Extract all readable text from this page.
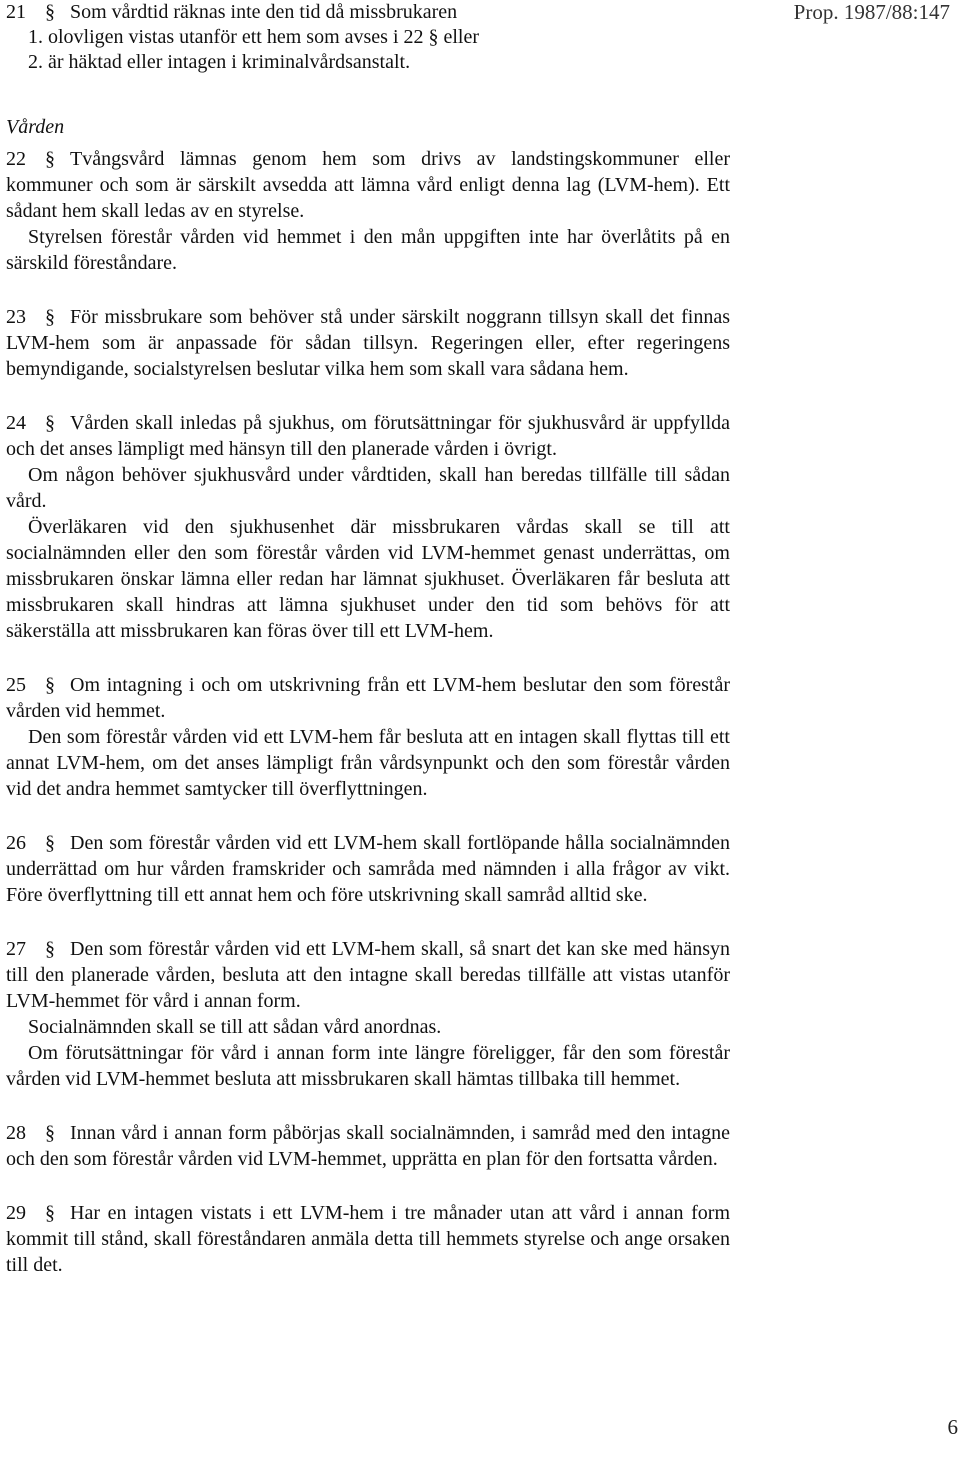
Prop. 1987/88:147

21 § Som vårdtid räknas inte den tid då missbrukaren

1. olovligen vistas utanför ett hem som avses i 22 § eller

2. är häktad eller intagen i kriminalvårdsanstalt.

Vården

22 § Tvångsvård lämnas genom hem som drivs av landstingskommuner eller kommuner och som är särskilt avsedda att lämna vård enligt denna lag (LVM-hem). Ett sådant hem skall ledas av en styrelse.

Styrelsen förestår vården vid hemmet i den mån uppgiften inte har överlåtits på en särskild föreståndare.

23 § För missbrukare som behöver stå under särskilt noggrann tillsyn skall det finnas LVM-hem som är anpassade för sådan tillsyn. Regeringen eller, efter regeringens bemyndigande, socialstyrelsen beslutar vilka hem som skall vara sådana hem.

24 § Vården skall inledas på sjukhus, om förutsättningar för sjukhusvård är uppfyllda och det anses lämpligt med hänsyn till den planerade vården i övrigt.

Om någon behöver sjukhusvård under vårdtiden, skall han beredas tillfälle till sådan vård.

Överläkaren vid den sjukhusenhet där missbrukaren vårdas skall se till att socialnämnden eller den som förestår vården vid LVM-hemmet genast underrättas, om missbrukaren önskar lämna eller redan har lämnat sjukhuset. Överläkaren får besluta att missbrukaren skall hindras att lämna sjukhuset under den tid som behövs för att säkerställa att missbrukaren kan föras över till ett LVM-hem.

25 § Om intagning i och om utskrivning från ett LVM-hem beslutar den som förestår vården vid hemmet.

Den som förestår vården vid ett LVM-hem får besluta att en intagen skall flyttas till ett annat LVM-hem, om det anses lämpligt från vårdsynpunkt och den som förestår vården vid det andra hemmet samtycker till överflyttningen.

26 § Den som förestår vården vid ett LVM-hem skall fortlöpande hålla socialnämnden underrättad om hur vården framskrider och samråda med nämnden i alla frågor av vikt. Före överflyttning till ett annat hem och före utskrivning skall samråd alltid ske.

27 § Den som förestår vården vid ett LVM-hem skall, så snart det kan ske med hänsyn till den planerade vården, besluta att den intagne skall beredas tillfälle att vistas utanför LVM-hemmet för vård i annan form.

Socialnämnden skall se till att sådan vård anordnas.

Om förutsättningar för vård i annan form inte längre föreligger, får den som förestår vården vid LVM-hemmet besluta att missbrukaren skall hämtas tillbaka till hemmet.

28 § Innan vård i annan form påbörjas skall socialnämnden, i samråd med den intagne och den som förestår vården vid LVM-hemmet, upprätta en plan för den fortsatta vården.

29 § Har en intagen vistats i ett LVM-hem i tre månader utan att vård i annan form kommit till stånd, skall föreståndaren anmäla detta till hemmets styrelse och ange orsaken till det.

6
